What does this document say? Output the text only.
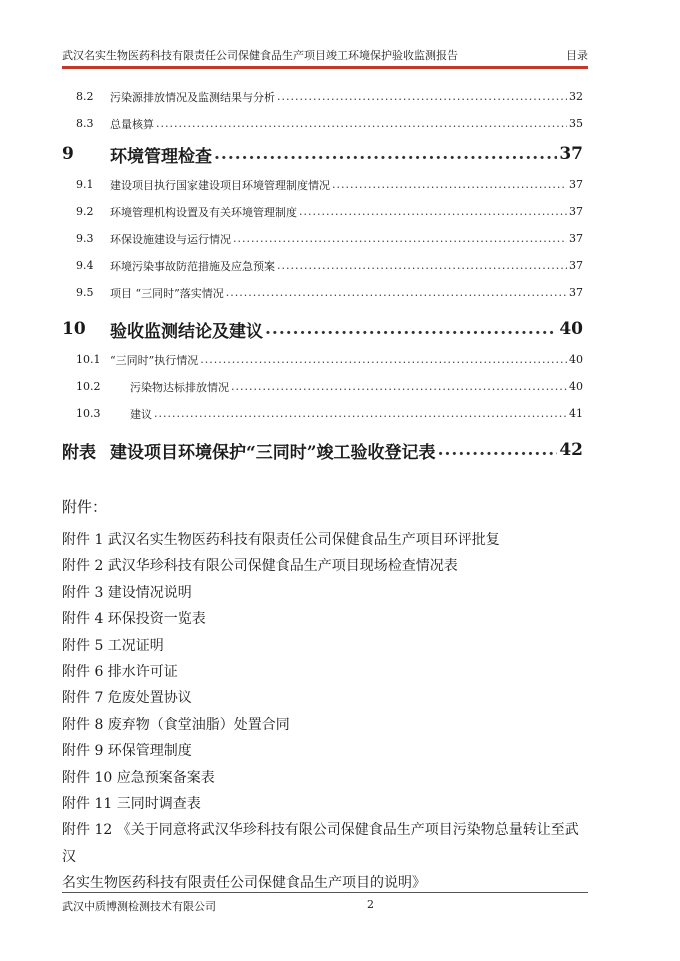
武汉名实生物医药科技有限责任公司保健食品生产项目竣工环境保护验收监测报告	目录
8.2	污染源排放情况及监测结果与分析 .....	32
8.3	总量核算 .....	35
9	环境管理检查 .....	37
9.1	建设项目执行国家建设项目环境管理制度情况 .....	37
9.2	环境管理机构设置及有关环境管理制度 .....	37
9.3	环保设施建设与运行情况 .....	37
9.4	环境污染事故防范措施及应急预案 .....	37
9.5	项目 “三同时”落实情况 .....	37
10	验收监测结论及建议 .....	40
10.1 “三同时”执行情况 .....	40
10.2	污染物达标排放情况 .....	40
10.3	建议 .....	41
附表 建设项目环境保护“三同时”竣工验收登记表 .....	42
附件：
附件 1 武汉名实生物医药科技有限责任公司保健食品生产项目环评批复
附件 2 武汉华珍科技有限公司保健食品生产项目现场检查情况表
附件 3 建设情况说明
附件 4 环保投资一览表
附件 5 工况证明
附件 6 排水许可证
附件 7 危废处置协议
附件 8 废弃物（食堂油脂）处置合同
附件 9 环保管理制度
附件 10 应急预案备案表
附件 11 三同时调查表
附件 12 《关于同意将武汉华珍科技有限公司保健食品生产项目污染物总量转让至武汉
名实生物医药科技有限责任公司保健食品生产项目的说明》
武汉中质博测检测技术有限公司	2
